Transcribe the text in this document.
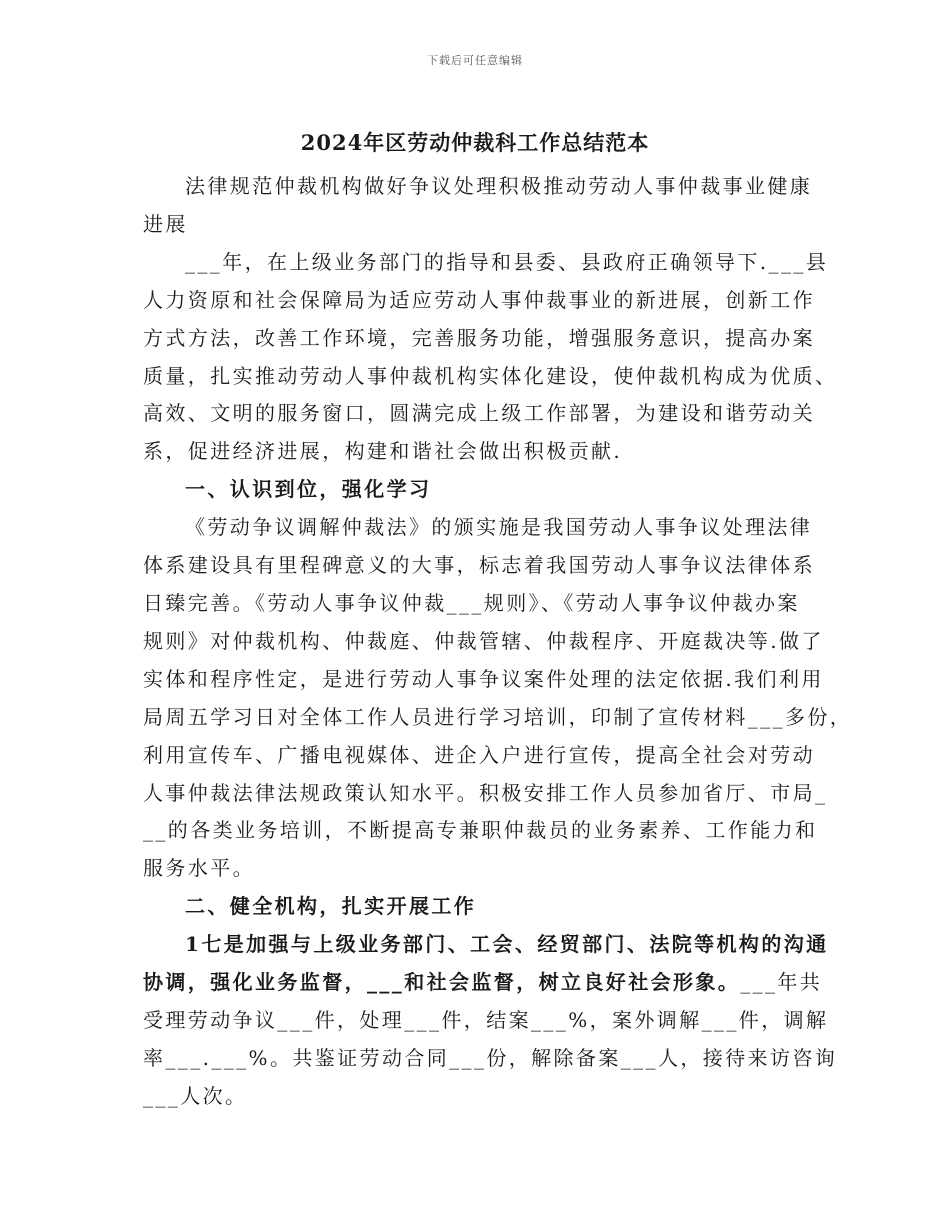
下载后可任意编辑
2024年区劳动仲裁科工作总结范本

法律规范仲裁机构做好争议处理积极推动劳动人事仲裁事业健康
进展

___年，在上级业务部门的指导和县委、县政府正确领导下.___县
人力资原和社会保障局为适应劳动人事仲裁事业的新进展，创新工作
方式方法，改善工作环境，完善服务功能，增强服务意识，提高办案
质量，扎实推动劳动人事仲裁机构实体化建设，使仲裁机构成为优质、
高效、文明的服务窗口，圆满完成上级工作部署，为建设和谐劳动关
系，促进经济进展，构建和谐社会做出积极贡献.

一、认识到位，强化学习

《劳动争议调解仲裁法》的颁实施是我国劳动人事争议处理法律
体系建设具有里程碑意义的大事，标志着我国劳动人事争议法律体系
日臻完善。《劳动人事争议仲裁___规则》、《劳动人事争议仲裁办案
规则》对仲裁机构、仲裁庭、仲裁管辖、仲裁程序、开庭裁决等.做了
实体和程序性定，是进行劳动人事争议案件处理的法定依据.我们利用
局周五学习日对全体工作人员进行学习培训，印制了宣传材料___多份，
利用宣传车、广播电视媒体、进企入户进行宣传，提高全社会对劳动
人事仲裁法律法规政策认知水平。积极安排工作人员参加省厅、市局_
__的各类业务培训，不断提高专兼职仲裁员的业务素养、工作能力和
服务水平。

二、健全机构，扎实开展工作

1七是加强与上级业务部门、工会、经贸部门、法院等机构的沟通
协调，强化业务监督，___和社会监督，树立良好社会形象。___年共
受理劳动争议___件，处理___件，结案___%，案外调解___件，调解
率___.___%。共鉴证劳动合同___份，解除备案___人，接待来访咨询
___人次。
